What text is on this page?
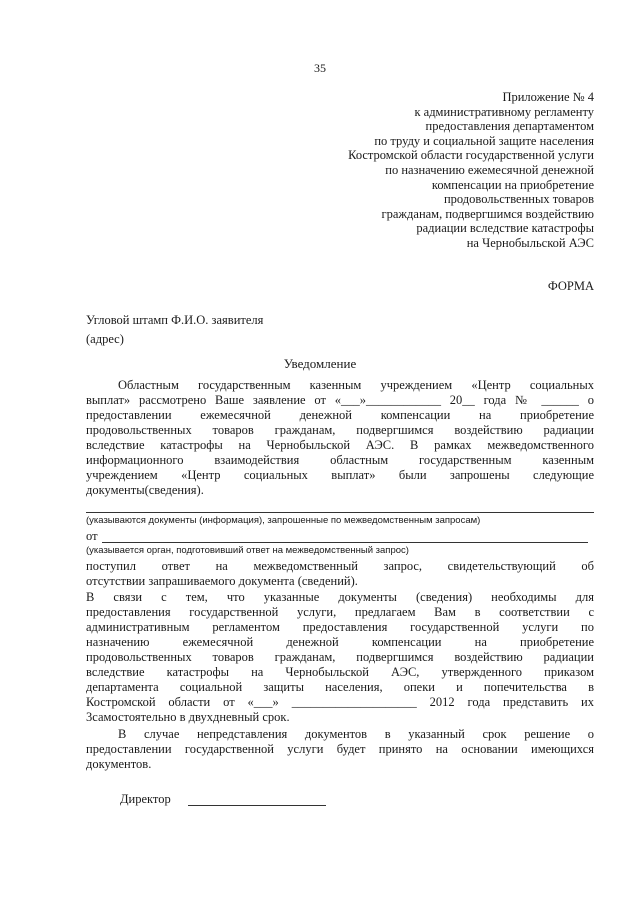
35
Приложение № 4
к административному регламенту
предоставления департаментом
по труду и социальной защите населения
Костромской области государственной услуги
по назначению ежемесячной денежной
компенсации на приобретение
продовольственных товаров
гражданам, подвергшимся воздействию
радиации вследствие катастрофы
на Чернобыльской АЭС
ФОРМА
Угловой штамп Ф.И.О. заявителя
(адрес)
Уведомление
Областным государственным казенным учреждением «Центр социальных
выплат» рассмотрено Ваше заявление от «___»____________ 20__ года № ______ о
предоставлении ежемесячной денежной компенсации на приобретение
продовольственных товаров гражданам, подвергшимся воздействию радиации
вследствие катастрофы на Чернобыльской АЭС. В рамках межведомственного
информационного взаимодействия областным государственным казенным
учреждением «Центр социальных выплат» были запрошены следующие
документы(сведения).
(указываются документы (информация), запрошенные по межведомственным запросам)
от
(указывается орган, подготовивший ответ на межведомственный запрос)
поступил ответ на межведомственный запрос, свидетельствующий об
отсутствии запрашиваемого документа (сведений).
В связи с тем, что указанные документы (сведения) необходимы для
предоставления государственной услуги, предлагаем Вам в соответствии с
административным регламентом предоставления государственной услуги по
назначению ежемесячной денежной компенсации на приобретение
продовольственных товаров гражданам, подвергшимся воздействию радиации
вследствие катастрофы на Чернобыльской АЭС, утвержденного приказом
департамента социальной защиты населения, опеки и попечительства в
Костромской области от «___» ____________________ 2012 года представить их
3самостоятельно в двухдневный срок.
В случае непредставления документов в указанный срок решение о
предоставлении государственной услуги будет принято на основании имеющихся
документов.
Директор
